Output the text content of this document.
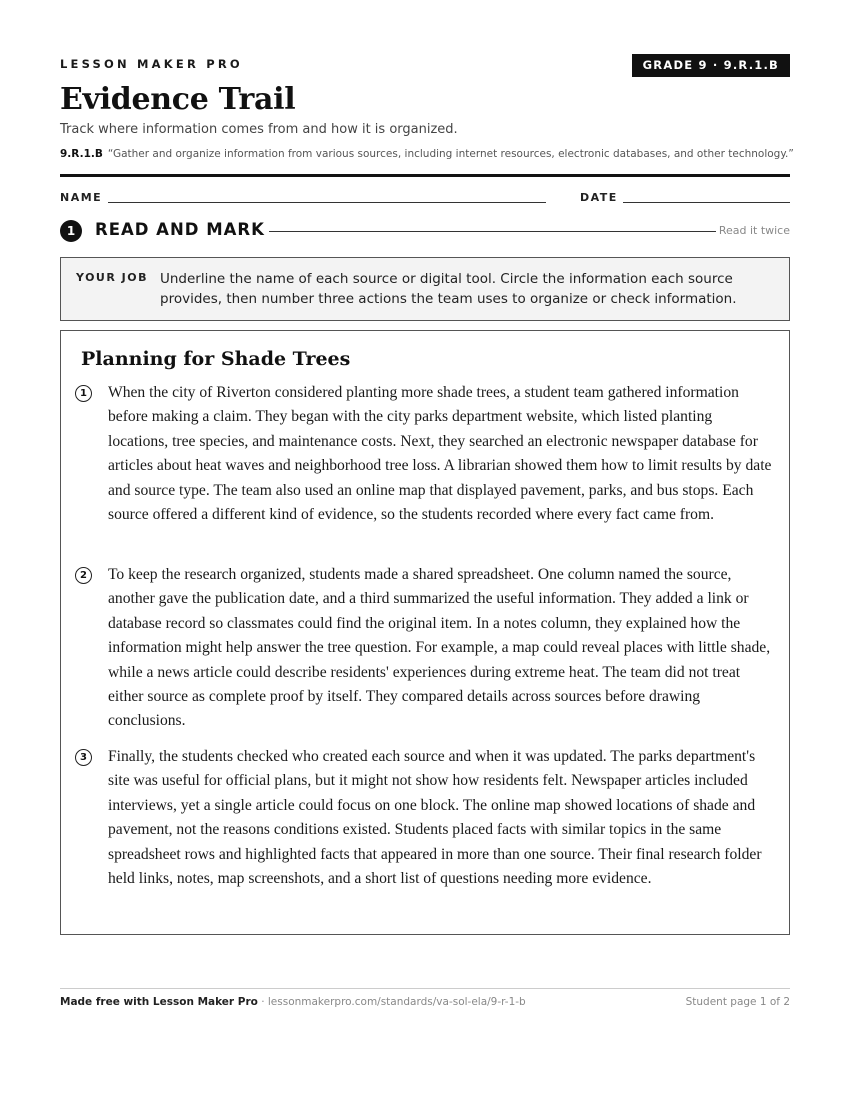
LESSON MAKER PRO	GRADE 9 · 9.R.1.B
Evidence Trail
Track where information comes from and how it is organized.
9.R.1.B “Gather and organize information from various sources, including internet resources, electronic databases, and other technology.”
NAME	DATE
1	READ AND MARK	Read it twice
YOUR JOB Underline the name of each source or digital tool. Circle the information each source provides, then number three actions the team uses to organize or check information.
Planning for Shade Trees
1	When the city of Riverton considered planting more shade trees, a student team gathered information before making a claim. They began with the city parks department website, which listed planting locations, tree species, and maintenance costs. Next, they searched an electronic newspaper database for articles about heat waves and neighborhood tree loss. A librarian showed them how to limit results by date and source type. The team also used an online map that displayed pavement, parks, and bus stops. Each source offered a different kind of evidence, so the students recorded where every fact came from.
2	To keep the research organized, students made a shared spreadsheet. One column named the source, another gave the publication date, and a third summarized the useful information. They added a link or database record so classmates could find the original item. In a notes column, they explained how the information might help answer the tree question. For example, a map could reveal places with little shade, while a news article could describe residents' experiences during extreme heat. The team did not treat either source as complete proof by itself. They compared details across sources before drawing conclusions.
3	Finally, the students checked who created each source and when it was updated. The parks department's site was useful for official plans, but it might not show how residents felt. Newspaper articles included interviews, yet a single article could focus on one block. The online map showed locations of shade and pavement, not the reasons conditions existed. Students placed facts with similar topics in the same spreadsheet rows and highlighted facts that appeared in more than one source. Their final research folder held links, notes, map screenshots, and a short list of questions needing more evidence.
Made free with Lesson Maker Pro · lessonmakerpro.com/standards/va-sol-ela/9-r-1-b	Student page 1 of 2
